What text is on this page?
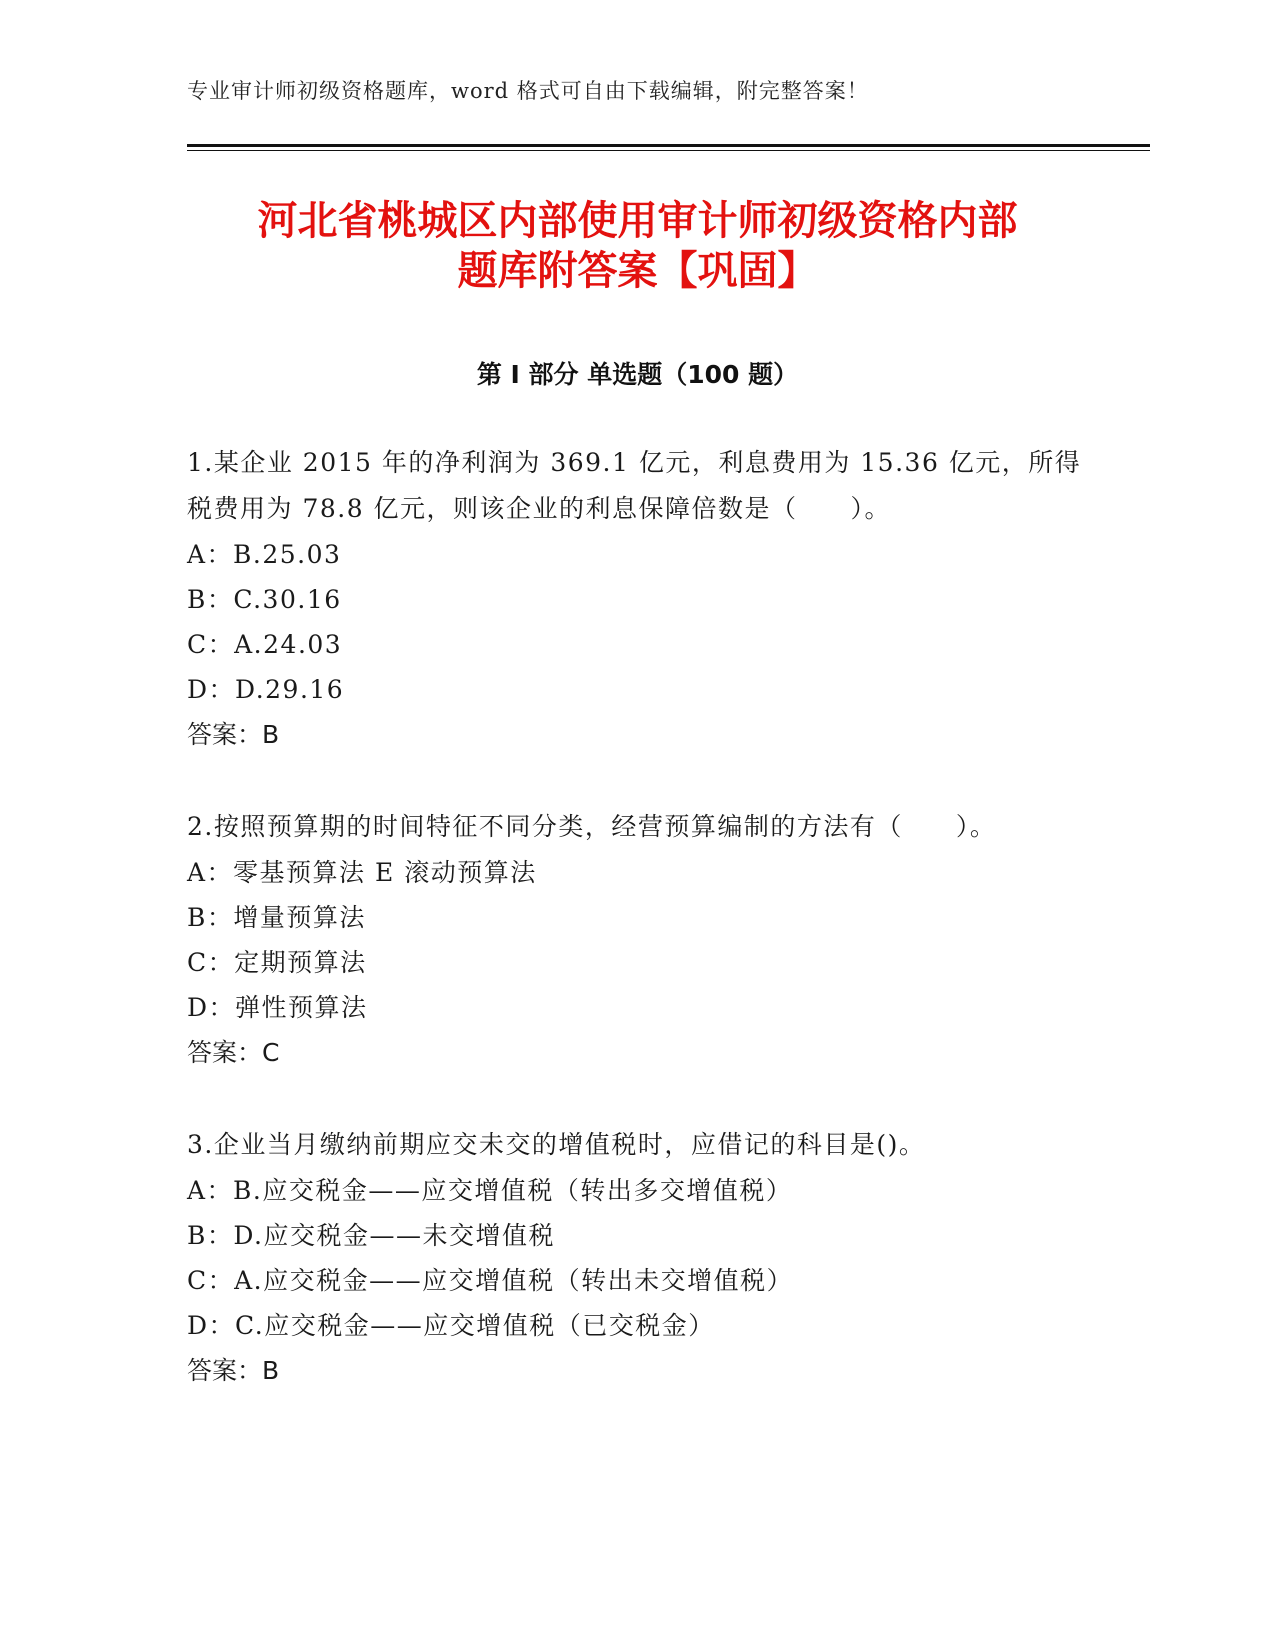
专业审计师初级资格题库，word 格式可自由下载编辑，附完整答案！
河北省桃城区内部使用审计师初级资格内部
题库附答案【巩固】
第 I 部分 单选题（100 题）

1.某企业 2015 年的净利润为 369.1 亿元，利息费用为 15.36 亿元，所得税费用为 78.8 亿元，则该企业的利息保障倍数是（　　）。

A：B.25.03

B：C.30.16

C：A.24.03

D：D.29.16

答案：B

2.按照预算期的时间特征不同分类，经营预算编制的方法有（　　）。

A：零基预算法 E 滚动预算法

B：增量预算法

C：定期预算法

D：弹性预算法

答案：C

3.企业当月缴纳前期应交未交的增值税时，应借记的科目是()。

A：B.应交税金——应交增值税（转出多交增值税）

B：D.应交税金——未交增值税

C：A.应交税金——应交增值税（转出未交增值税）

D：C.应交税金——应交增值税（已交税金）

答案：B
